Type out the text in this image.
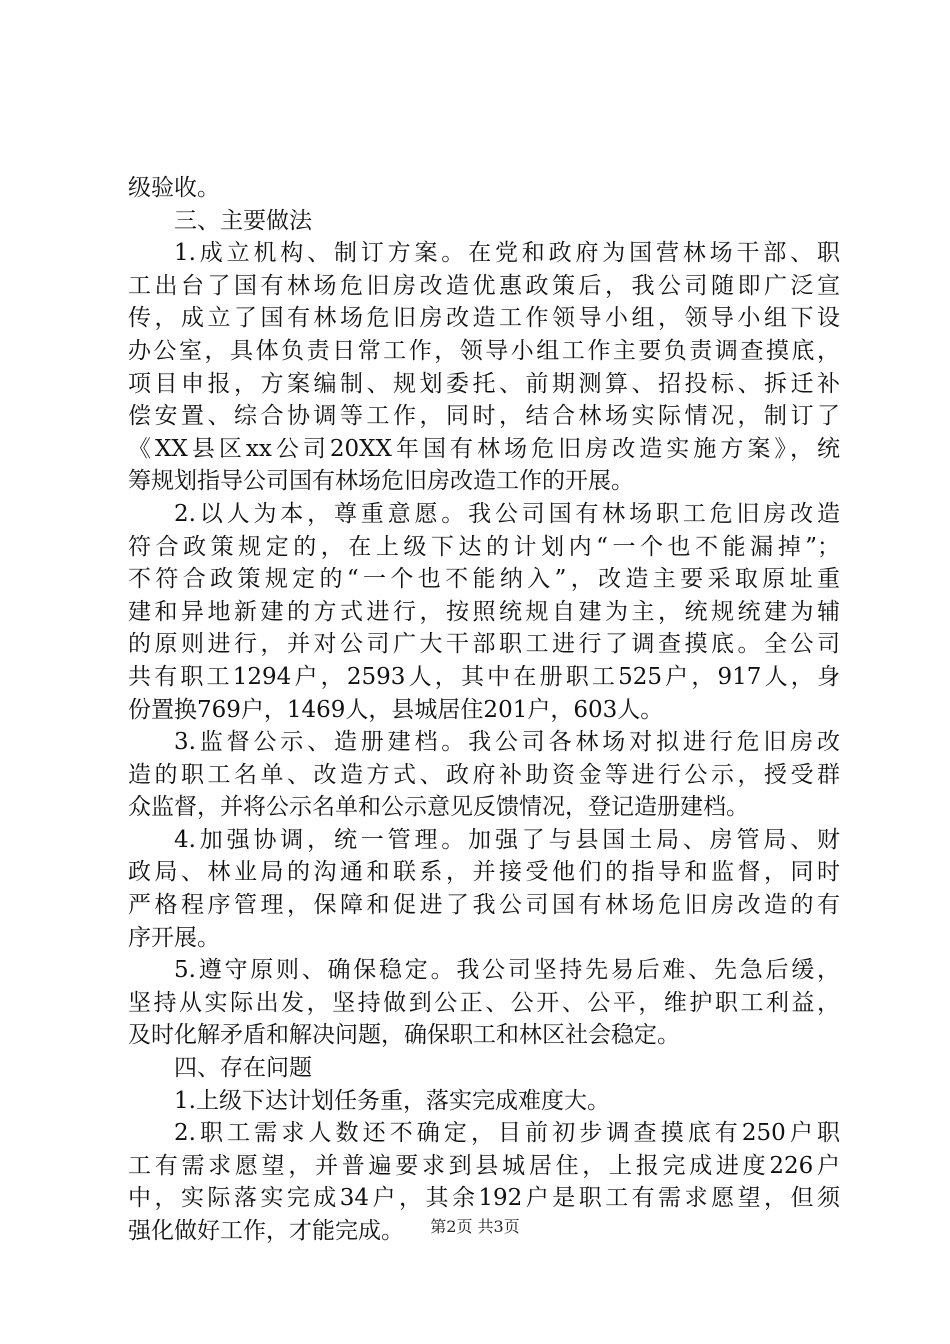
级验收。
三、主要做法
1.成立机构、制订方案。在党和政府为国营林场干部、职
工出台了国有林场危旧房改造优惠政策后，我公司随即广泛宣
传，成立了国有林场危旧房改造工作领导小组，领导小组下设
办公室，具体负责日常工作，领导小组工作主要负责调查摸底，
项目申报，方案编制、规划委托、前期测算、招投标、拆迁补
偿安置、综合协调等工作，同时，结合林场实际情况，制订了
《XX县区xx公司20XX年国有林场危旧房改造实施方案》，统
筹规划指导公司国有林场危旧房改造工作的开展。
2.以人为本，尊重意愿。我公司国有林场职工危旧房改造
符合政策规定的，在上级下达的计划内“一个也不能漏掉”；
不符合政策规定的“一个也不能纳入”，改造主要采取原址重
建和异地新建的方式进行，按照统规自建为主，统规统建为辅
的原则进行，并对公司广大干部职工进行了调查摸底。全公司
共有职工1294户，2593人，其中在册职工525户，917人，身
份置换769户，1469人，县城居住201户，603人。
3.监督公示、造册建档。我公司各林场对拟进行危旧房改
造的职工名单、改造方式、政府补助资金等进行公示，授受群
众监督，并将公示名单和公示意见反馈情况，登记造册建档。
4.加强协调，统一管理。加强了与县国土局、房管局、财
政局、林业局的沟通和联系，并接受他们的指导和监督，同时
严格程序管理，保障和促进了我公司国有林场危旧房改造的有
序开展。
5.遵守原则、确保稳定。我公司坚持先易后难、先急后缓，
坚持从实际出发，坚持做到公正、公开、公平，维护职工利益，
及时化解矛盾和解决问题，确保职工和林区社会稳定。
四、存在问题
1.上级下达计划任务重，落实完成难度大。
2.职工需求人数还不确定，目前初步调查摸底有250户职
工有需求愿望，并普遍要求到县城居住，上报完成进度226户
中，实际落实完成34户，其余192户是职工有需求愿望，但须
强化做好工作，才能完成。	第2页 共3页
